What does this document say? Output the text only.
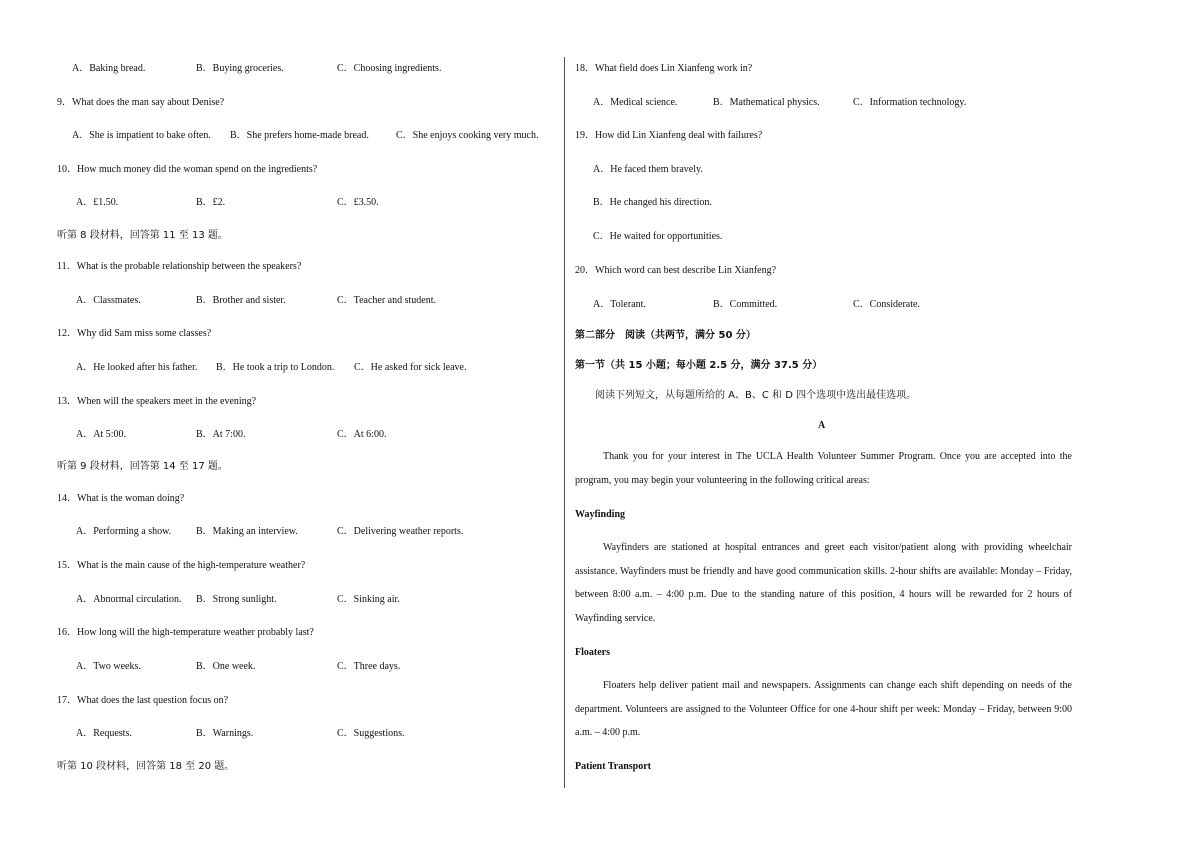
A．Baking bread.	B．Buying groceries.	C．Choosing ingredients.
9．What does the man say about Denise?
A．She is impatient to bake often. B．She prefers home-made bread.	C．She enjoys cooking very much.
10．How much money did the woman spend on the ingredients?
A．£1.50.	B．£2.	C．£3.50.
听第 8 段材料，回答第 11 至 13 题。
11．What is the probable relationship between the speakers?
A．Classmates.	B．Brother and sister.	C．Teacher and student.
12．Why did Sam miss some classes?
A．He looked after his father. B．He took a trip to London. C．He asked for sick leave.
13．When will the speakers meet in the evening?
A．At 5:00.	B．At 7:00.	C．At 6:00.
听第 9 段材料，回答第 14 至 17 题。
14．What is the woman doing?
A．Performing a show. B．Making an interview.	C．Delivering weather reports.
15．What is the main cause of the high-temperature weather?
A．Abnormal circulation. B．Strong sunlight.	C．Sinking air.
16．How long will the high-temperature weather probably last?
A．Two weeks.	B．One week.	C．Three days.
17．What does the last question focus on?
A．Requests.	B．Warnings.	C．Suggestions.
听第 10 段材料，回答第 18 至 20 题。
18．What field does Lin Xianfeng work in?
A．Medical science.	B．Mathematical physics.	C．Information technology.
19．How did Lin Xianfeng deal with failures?
A．He faced them bravely.
B．He changed his direction.
C．He waited for opportunities.
20．Which word can best describe Lin Xianfeng?
A．Tolerant.	B．Committed.	C．Considerate.
第二部分　阅读（共两节，满分 50 分）
第一节（共 15 小题；每小题 2.5 分，满分 37.5 分）
阅读下列短文，从每题所给的 A、B、C 和 D 四个选项中选出最佳选项。
A
Thank you for your interest in The UCLA Health Volunteer Summer Program. Once you are accepted into the program, you may begin your volunteering in the following critical areas:
Wayfinding
Wayfinders are stationed at hospital entrances and greet each visitor/patient along with providing wheelchair assistance. Wayfinders must be friendly and have good communication skills. 2-hour shifts are available: Monday – Friday, between 8:00 a.m. – 4:00 p.m. Due to the standing nature of this position, 4 hours will be rewarded for 2 hours of Wayfinding service.
Floaters
Floaters help deliver patient mail and newspapers. Assignments can change each shift depending on needs of the department. Volunteers are assigned to the Volunteer Office for one 4-hour shift per week: Monday – Friday, between 9:00 a.m. – 4:00 p.m.
Patient Transport
